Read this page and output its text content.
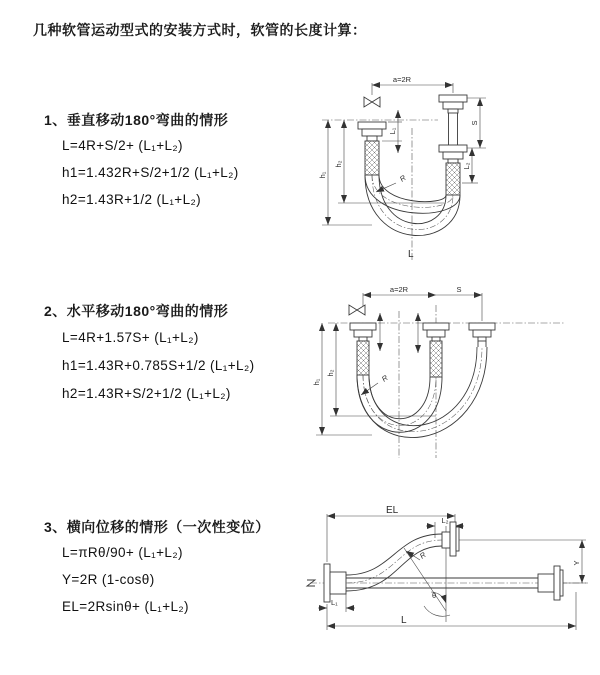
几种软管运动型式的安装方式时，软管的长度计算：
1、垂直移动180°弯曲的情形
L=4R+S/2+ (L₁+L₂)
h1=1.432R+S/2+1/2 (L₁+L₂)
h2=1.43R+1/2 (L₁+L₂)
a=2R
h₁
h₂
L₁
S
L₂
R
L
2、水平移动180°弯曲的情形
L=4R+1.57S+ (L₁+L₂)
h1=1.43R+0.785S+1/2 (L₁+L₂)
h2=1.43R+S/2+1/2 (L₁+L₂)
a=2R	S
h₁
h₂
R
3、横向位移的情形（一次性变位）
L=πRθ/90+ (L₁+L₂)
Y=2R (1-cosθ)
EL=2Rsinθ+ (L₁+L₂)
EL
L₂
Y
R
θ
L
L₁
